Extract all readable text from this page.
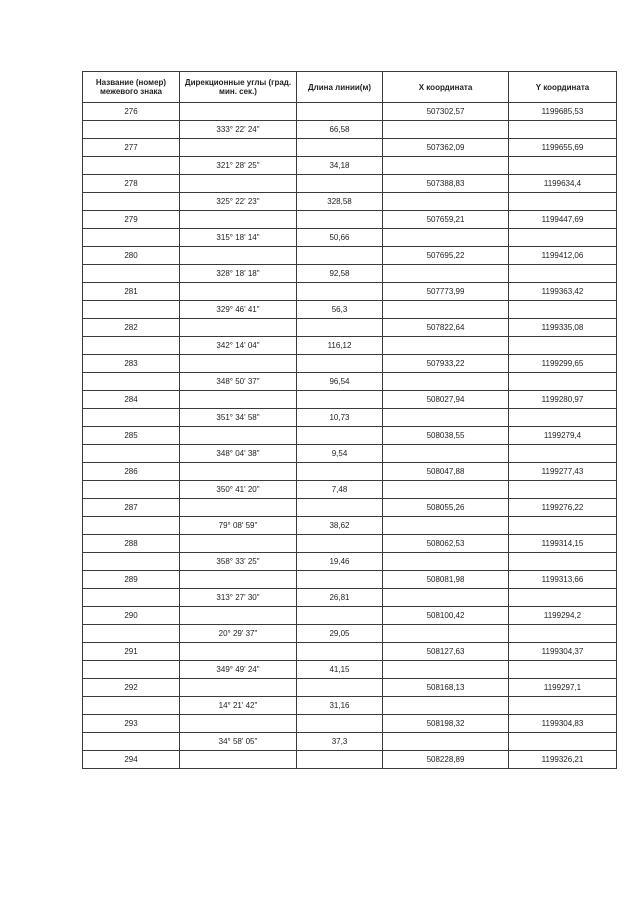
Название (номер) межевого знака	Дирекционные углы (град. мин. сек.)	Длина линии(м)	X координата	Y координата
276			507302,57	1199685,53
	333° 22' 24"	66,58		
277			507362,09	1199655,69
	321° 28' 25"	34,18		
278			507388,83	1199634,4
	325° 22' 23"	328,58		
279			507659,21	1199447,69
	315° 18' 14"	50,66		
280			507695,22	1199412,06
	328° 18' 18"	92,58		
281			507773,99	1199363,42
	329° 46' 41"	56,3		
282			507822,64	1199335,08
	342° 14' 04"	116,12		
283			507933,22	1199299,65
	348° 50' 37"	96,54		
284			508027,94	1199280,97
	351° 34' 58"	10,73		
285			508038,55	1199279,4
	348° 04' 38"	9,54		
286			508047,88	1199277,43
	350° 41' 20"	7,48		
287			508055,26	1199276,22
	79° 08' 59"	38,62		
288			508062,53	1199314,15
	358° 33' 25"	19,46		
289			508081,98	1199313,66
	313° 27' 30"	26,81		
290			508100,42	1199294,2
	20° 29' 37"	29,05		
291			508127,63	1199304,37
	349° 49' 24"	41,15		
292			508168,13	1199297,1
	14° 21' 42"	31,16		
293			508198,32	1199304,83
	34° 58' 05"	37,3		
294			508228,89	1199326,21
